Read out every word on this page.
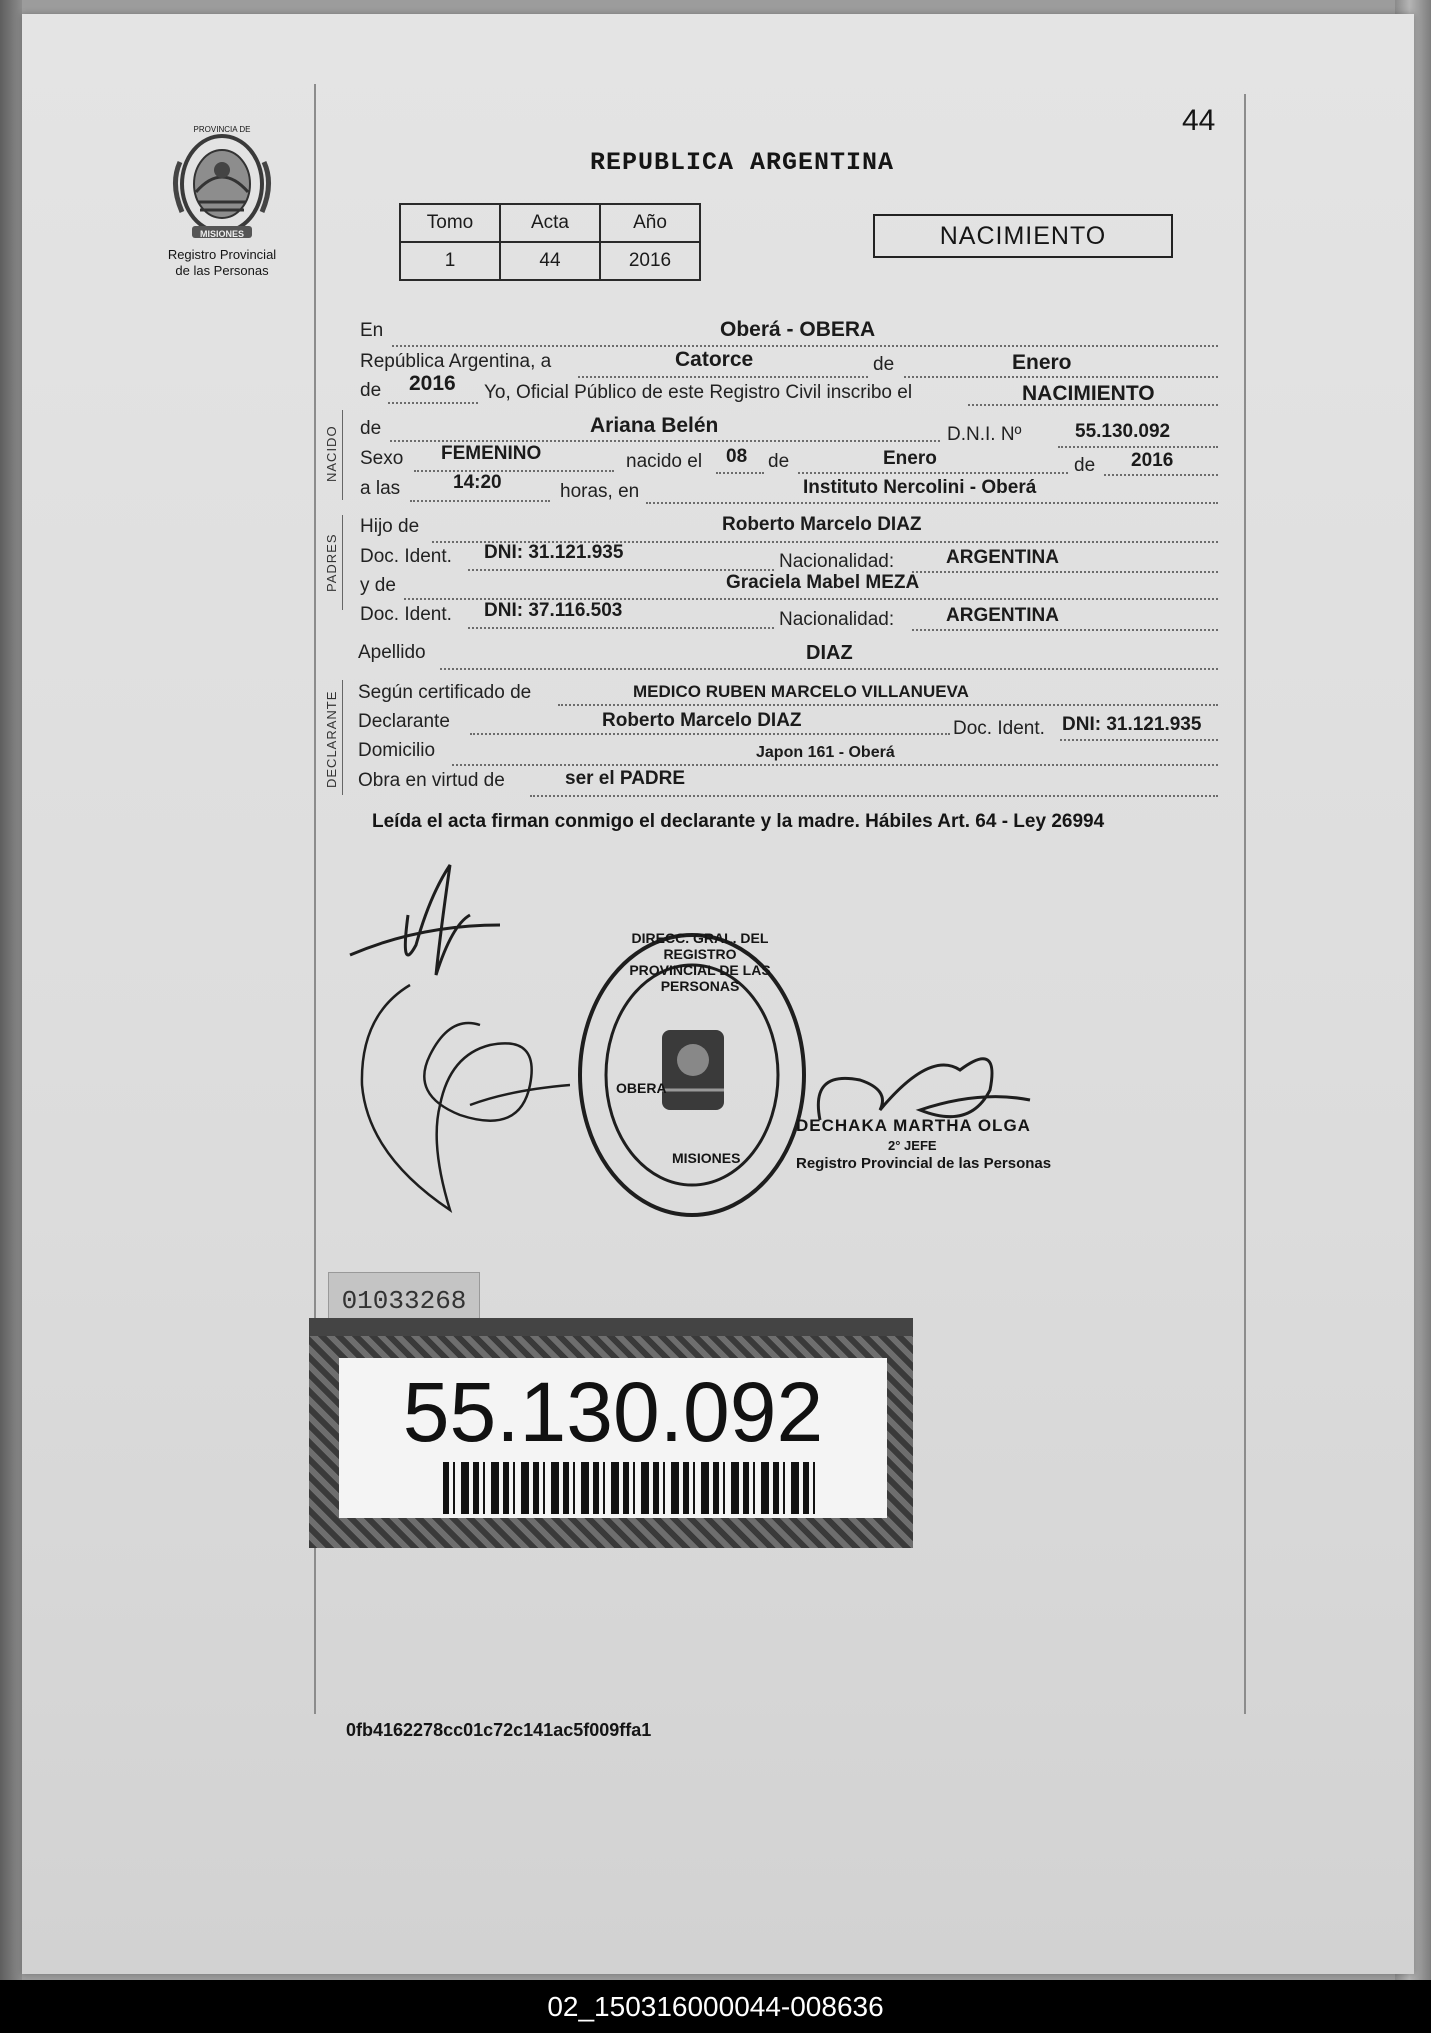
PROVINCIA DE
MISIONES
Registro Provincial
de las Personas
44
REPUBLICA ARGENTINA
Tomo	Acta	Año
1	44	2016
NACIMIENTO
En	Oberá - OBERA
República Argentina, a	Catorce	de	Enero
de 2016 Yo, Oficial Público de este Registro Civil inscribo el	NACIMIENTO
NACIDO de	Ariana Belén	D.N.I. Nº	55.130.092
Sexo FEMENINO	nacido el 08 de	Enero	de 2016
a las	14:20	horas, en	Instituto Nercolini - Oberá
PADRES
Hijo de	Roberto Marcelo DIAZ
Doc. Ident. DNI: 31.121.935	Nacionalidad:	ARGENTINA
y de	Graciela Mabel MEZA
Doc. Ident. DNI: 37.116.503	Nacionalidad:	ARGENTINA
Apellido	DIAZ
DECLARANTE Según certificado de	MEDICO RUBEN MARCELO VILLANUEVA
Declarante	Roberto Marcelo DIAZ	Doc. Ident. DNI: 31.121.935
Domicilio	Japon 161 - Oberá
Obra en virtud de	ser el PADRE
Leída el acta firman conmigo el declarante y la madre. Hábiles Art. 64 - Ley 26994
DIRECC. GRAL. DEL REGISTRO PROVINCIAL DE LAS PERSONAS
OBERA
MISIONES
DECHAKA MARTHA OLGA
2° JEFE
Registro Provincial de las Personas
01033268
55.130.092
0fb4162278cc01c72c141ac5f009ffa1
02_150316000044-008636
